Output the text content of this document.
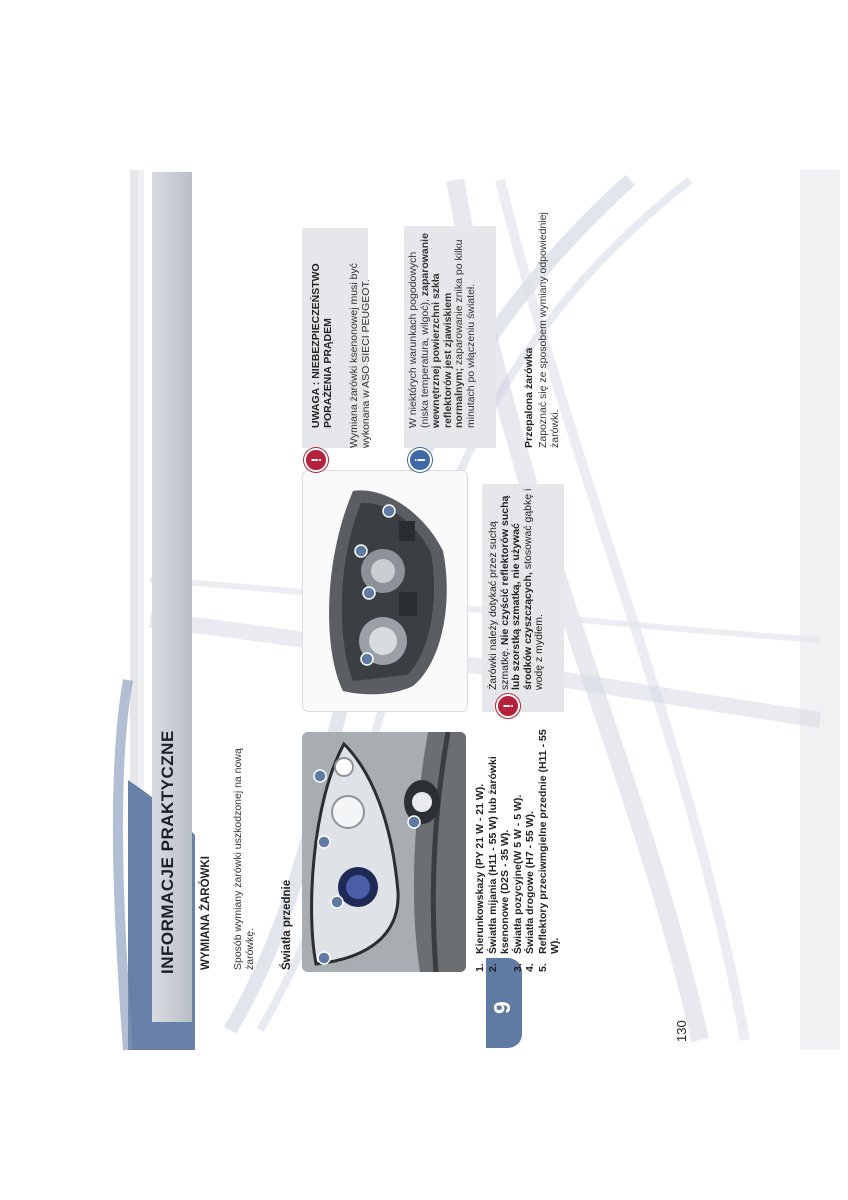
INFORMACJE PRAKTYCZNE
9
130
WYMIANA ŻARÓWKI Sposób wymiany żarówki uszkodzonej na nową żarówkę. Światła przednie	1.
Kierunkowskazy (PY 21 W - 21 W).
2.
Światła mijania (H11 - 55 W) lub żarówki ksenonowe (D2S - 35 W).
3.
Światła pozycyjne(W 5 W - 5 W).
4.
Światła drogowe (H7 - 55 W).
5.
Reflektory przeciwmgielne przednie (H11 - 55 W).
!
Żarówki należy dotykać przez suchą szmatkę. Nie czyścić reflektorów suchą lub szorstką szmatką, nie używać środków czyszczących, stosować gąbkę i wodę z mydłem.
!
UWAGA : NIEBEZPIECZEŃSTWO PORAŻENIA PRĄDEM Wymiana żarówki ksenonowej musi być wykonana w ASO SIECI PEUGEOT.
i
W niektórych warunkach pogodowych (niska temperatura, wilgoć), zaparowanie wewnętrznej powierzchni szkła reflektorów jest zjawiskiem normalnym; zaparowanie znika po kilku minutach po włączeniu świateł.	Przepalona żarówka Zapoznać się ze sposobem wymiany odpowiedniej żarówki.
